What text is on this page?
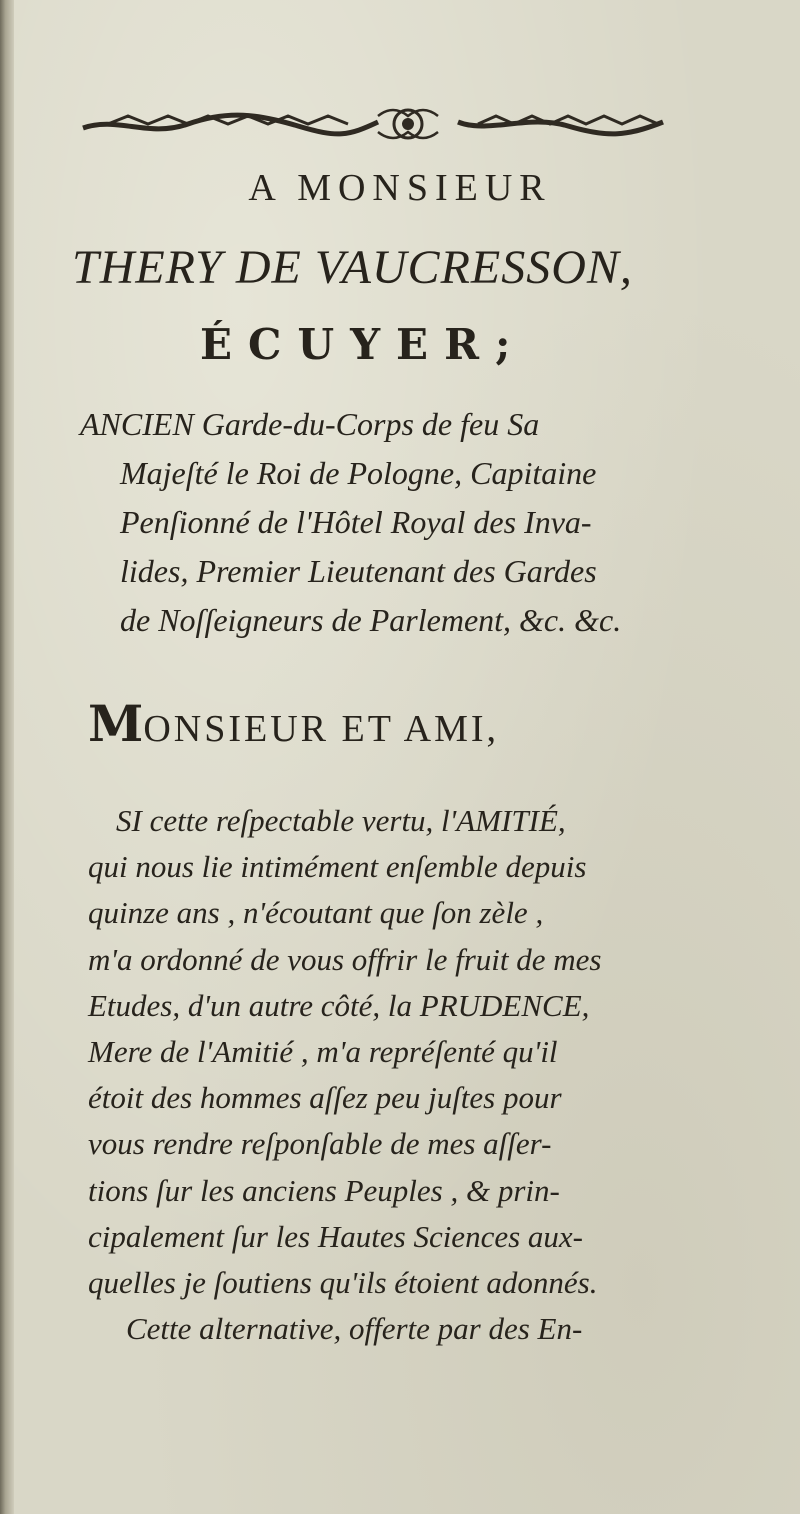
A MONSIEUR
THERY DE VAUCRESSON,
ÉCUYER;
ANCIEN Garde-du-Corps de feu Sa
Majeſté le Roi de Pologne, Capitaine
Penſionné de l'Hôtel Royal des Inva-
lides, Premier Lieutenant des Gardes
de Noſſeigneurs de Parlement, &c. &c.
MONSIEUR ET AMI,
SI cette reſpectable vertu, l'AMITIÉ,
qui nous lie intimément enſemble depuis
quinze ans , n'écoutant que ſon zèle ,
m'a ordonné de vous offrir le fruit de mes
Etudes, d'un autre côté, la PRUDENCE,
Mere de l'Amitié , m'a repréſenté qu'il
étoit des hommes aſſez peu juſtes pour
vous rendre reſponſable de mes aſſer-
tions ſur les anciens Peuples , & prin-
cipalement ſur les Hautes Sciences aux-
quelles je ſoutiens qu'ils étoient adonnés.
Cette alternative, offerte par des En-
